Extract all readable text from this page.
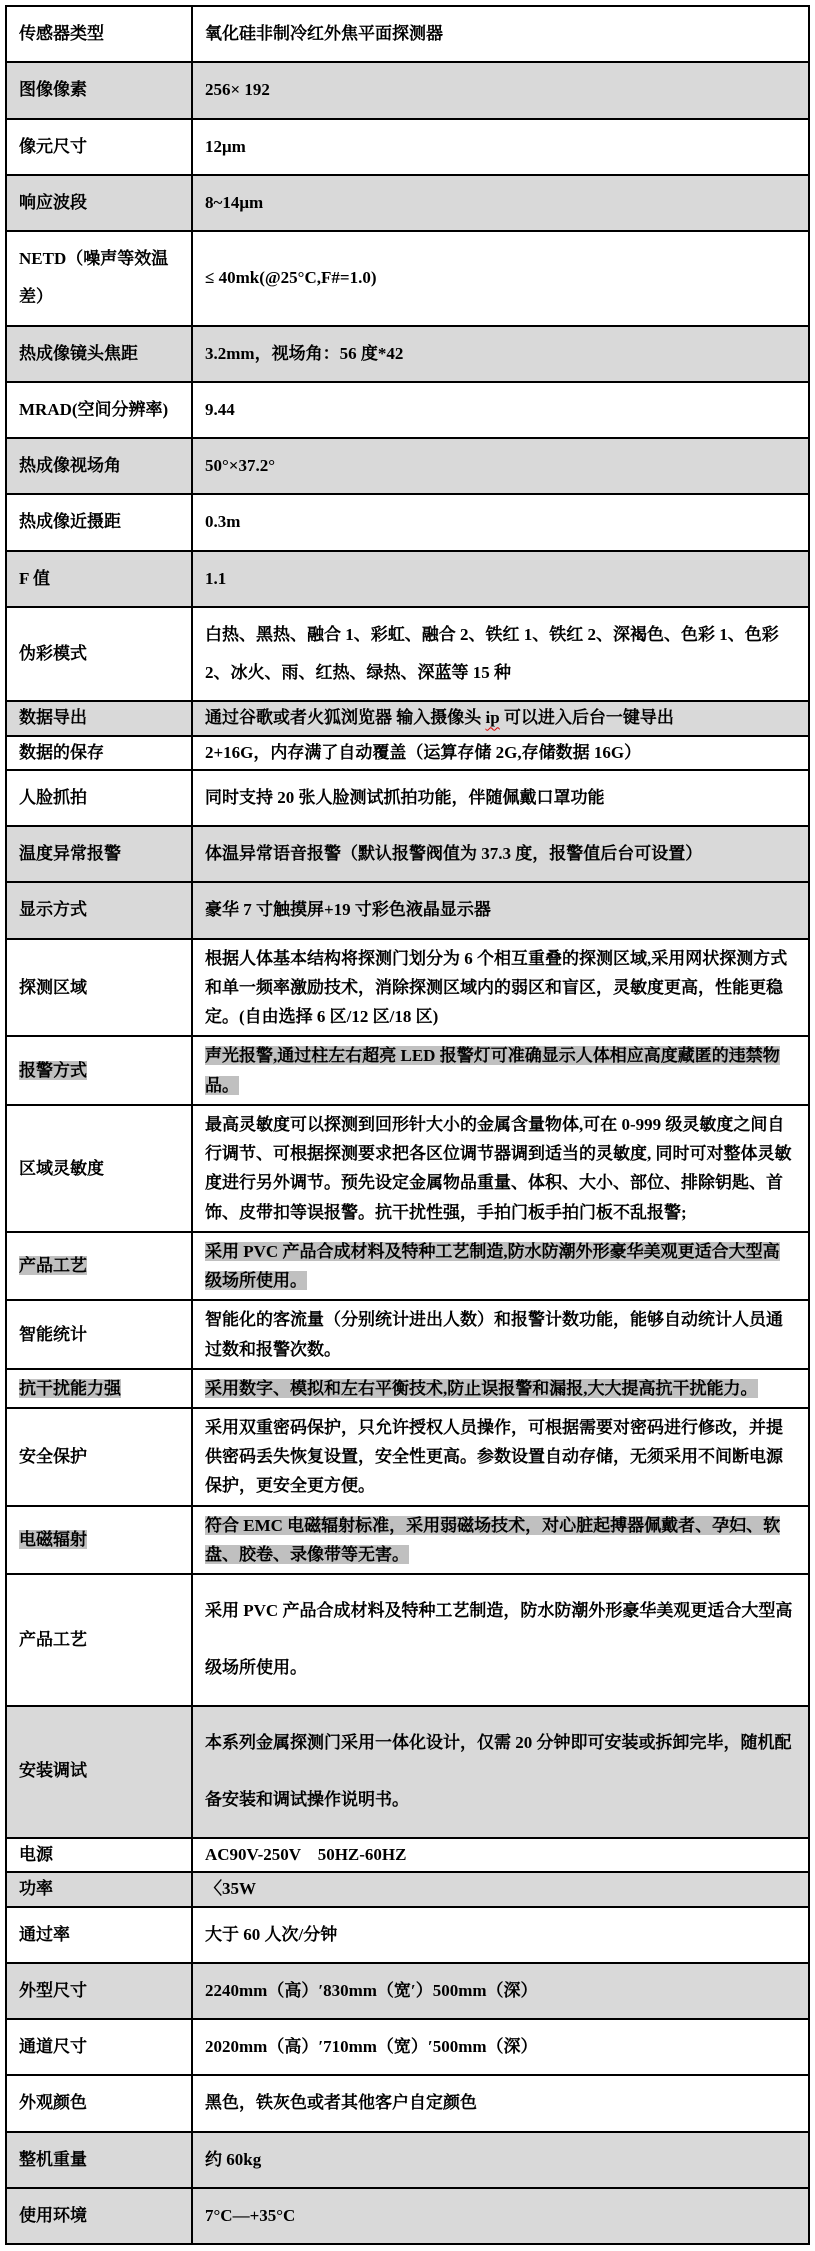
传感器类型	氧化硅非制冷红外焦平面探测器
图像像素	256× 192
像元尺寸	12μm
响应波段	8~14μm
NETD（噪声等效温差）	≤ 40mk(@25°C,F#=1.0)
热成像镜头焦距	3.2mm，视场角：56 度*42
MRAD(空间分辨率)	9.44
热成像视场角	50°×37.2°
热成像近摄距	0.3m
F 值	1.1
伪彩模式	白热、黑热、融合 1、彩虹、融合 2、铁红 1、铁红 2、深褐色、色彩 1、色彩 2、冰火、雨、红热、绿热、深蓝等 15 种
数据导出	通过谷歌或者火狐浏览器 输入摄像头 ip 可以进入后台一键导出
数据的保存	2+16G，内存满了自动覆盖（运算存储 2G,存储数据 16G）
人脸抓拍	同时支持 20 张人脸测试抓拍功能，伴随佩戴口罩功能
温度异常报警	体温异常语音报警（默认报警阀值为 37.3 度，报警值后台可设置）
显示方式	豪华 7 寸触摸屏+19 寸彩色液晶显示器
探测区域	根据人体基本结构将探测门划分为 6 个相互重叠的探测区域,采用网状探测方式和单一频率激励技术，消除探测区域内的弱区和盲区，灵敏度更高，性能更稳定。(自由选择 6 区/12 区/18 区)
报警方式	声光报警,通过柱左右超亮 LED 报警灯可准确显示人体相应高度藏匿的违禁物品。
区域灵敏度	最高灵敏度可以探测到回形针大小的金属含量物体,可在 0-999 级灵敏度之间自行调节、可根据探测要求把各区位调节器调到适当的灵敏度, 同时可对整体灵敏度进行另外调节。预先设定金属物品重量、体积、大小、部位、排除钥匙、首饰、皮带扣等误报警。抗干扰性强，手拍门板手拍门板不乱报警;
产品工艺	采用 PVC 产品合成材料及特种工艺制造,防水防潮外形豪华美观更适合大型高级场所使用。
智能统计	智能化的客流量（分别统计进出人数）和报警计数功能，能够自动统计人员通过数和报警次数。
抗干扰能力强	采用数字、模拟和左右平衡技术,防止误报警和漏报,大大提高抗干扰能力。
安全保护	采用双重密码保护，只允许授权人员操作，可根据需要对密码进行修改，并提供密码丢失恢复设置，安全性更高。参数设置自动存储，无须采用不间断电源保护，更安全更方便。
电磁辐射	符合 EMC 电磁辐射标准，采用弱磁场技术，对心脏起搏器佩戴者、孕妇、软盘、胶卷、录像带等无害。
产品工艺	采用 PVC 产品合成材料及特种工艺制造，防水防潮外形豪华美观更适合大型高级场所使用。
安装调试	本系列金属探测门采用一体化设计，仅需 20 分钟即可安装或拆卸完毕，随机配备安装和调试操作说明书。
电源	AC90V-250V    50HZ-60HZ
功率	〈35W
通过率	大于 60 人次/分钟
外型尺寸	2240mm（高）′830mm（宽′）500mm（深）
通道尺寸	2020mm（高）′710mm（宽）′500mm（深）
外观颜色	黑色，铁灰色或者其他客户自定颜色
整机重量	约 60kg
使用环境	7°C—+35°C
